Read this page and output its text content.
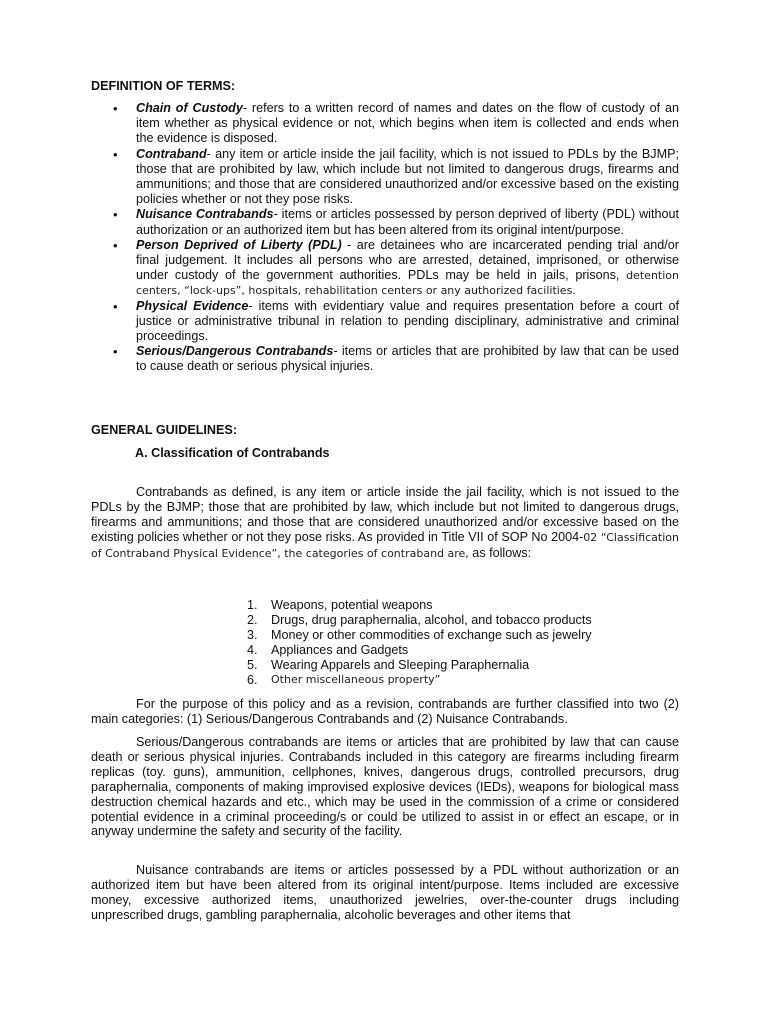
DEFINITION OF TERMS:
• Chain of Custody- refers to a written record of names and dates on the flow of custody of an item whether as physical evidence or not, which begins when item is collected and ends when the evidence is disposed.
• Contraband- any item or article inside the jail facility, which is not issued to PDLs by the BJMP; those that are prohibited by law, which include but not limited to dangerous drugs, firearms and ammunitions; and those that are considered unauthorized and/or excessive based on the existing policies whether or not they pose risks.
• Nuisance Contrabands- items or articles possessed by person deprived of liberty (PDL) without authorization or an authorized item but has been altered from its original intent/purpose.
• Person Deprived of Liberty (PDL) - are detainees who are incarcerated pending trial and/or final judgement. It includes all persons who are arrested, detained, imprisoned, or otherwise under custody of the government authorities. PDLs may be held in jails, prisons, detention centers, “lock-ups”, hospitals, rehabilitation centers or any authorized facilities.
• Physical Evidence- items with evidentiary value and requires presentation before a court of justice or administrative tribunal in relation to pending disciplinary, administrative and criminal proceedings.
• Serious/Dangerous Contrabands- items or articles that are prohibited by law that can be used to cause death or serious physical injuries.
GENERAL GUIDELINES:
A. Classification of Contrabands

Contrabands as defined, is any item or article inside the jail facility, which is not issued to the PDLs by the BJMP; those that are prohibited by law, which include but not limited to dangerous drugs, firearms and ammunitions; and those that are considered unauthorized and/or excessive based on the existing policies whether or not they pose risks. As provided in Title VII of SOP No 2004-02 “Classification of Contraband Physical Evidence”, the categories of contraband are, as follows:

1.	Weapons, potential weapons
2.	Drugs, drug paraphernalia, alcohol, and tobacco products
3.	Money or other commodities of exchange such as jewelry
4.	Appliances and Gadgets
5.	Wearing Apparels and Sleeping Paraphernalia
6.	Other miscellaneous property”

For the purpose of this policy and as a revision, contrabands are further classified into two (2) main categories: (1) Serious/Dangerous Contrabands and (2) Nuisance Contrabands.

Serious/Dangerous contrabands are items or articles that are prohibited by law that can cause death or serious physical injuries. Contrabands included in this category are firearms including firearm replicas (toy. guns), ammunition, cellphones, knives, dangerous drugs, controlled precursors, drug paraphernalia, components of making improvised explosive devices (IEDs), weapons for biological mass destruction chemical hazards and etc., which may be used in the commission of a crime or considered potential evidence in a criminal proceeding/s or could be utilized to assist in or effect an escape, or in anyway undermine the safety and security of the facility.

Nuisance contrabands are items or articles possessed by a PDL without authorization or an authorized item but have been altered from its original intent/purpose. Items included are excessive money, excessive authorized items, unauthorized jewelries, over-the-counter drugs including unprescribed drugs, gambling paraphernalia, alcoholic beverages and other items that
